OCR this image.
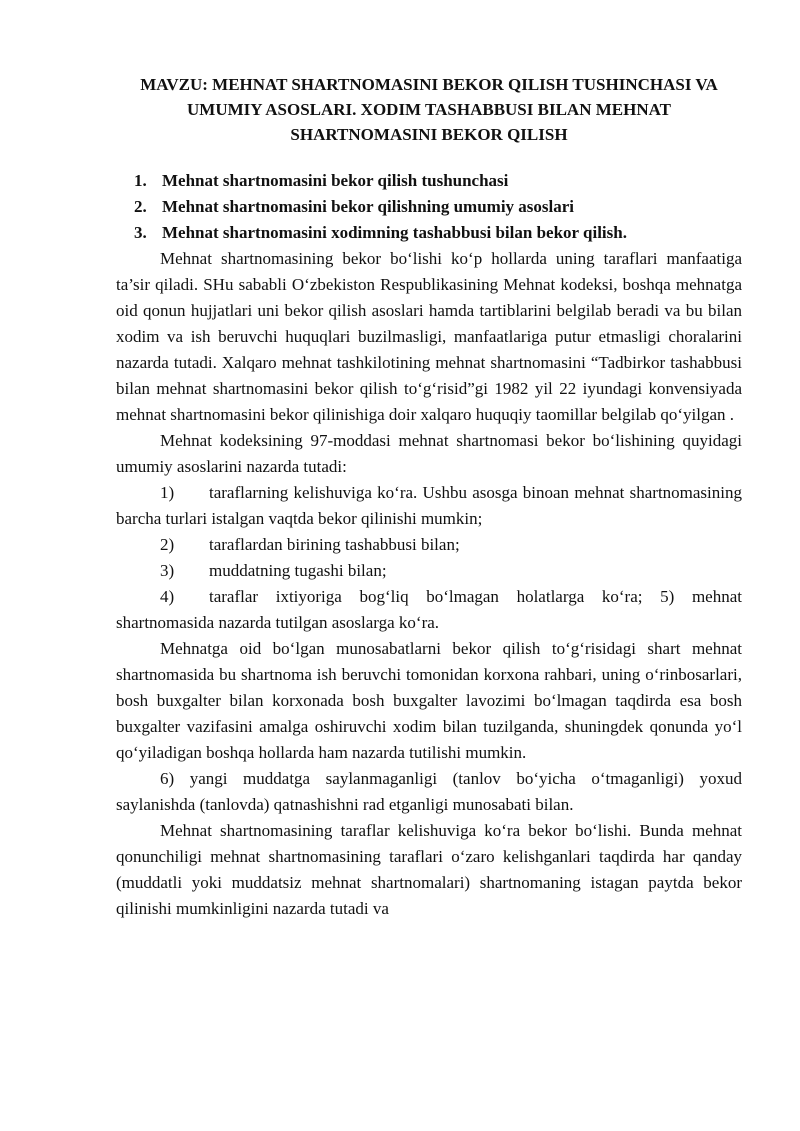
MAVZU: MEHNAT SHARTNOMASINI BEKOR QILISH TUSHINCHASI VA UMUMIY ASOSLARI. XODIM TASHABBUSI BILAN MEHNAT SHARTNOMASINI BEKOR QILISH
1. Mehnat shartnomasini bekor qilish tushunchasi
2. Mehnat shartnomasini bekor qilishning umumiy asoslari
3. Mehnat shartnomasini xodimning tashabbusi bilan bekor qilish.

Mehnat shartnomasining bekor bo‘lishi ko‘p hollarda uning taraflari manfaatiga ta’sir qiladi. SHu sababli O‘zbekiston Respublikasining Mehnat kodeksi, boshqa mehnatga oid qonun hujjatlari uni bekor qilish asoslari hamda tartiblarini belgilab beradi va bu bilan xodim va ish beruvchi huquqlari buzilmasligi, manfaatlariga putur etmasligi choralarini nazarda tutadi. Xalqaro mehnat tashkilotining mehnat shartnomasini “Tadbirkor tashabbusi bilan mehnat shartnomasini bekor qilish to‘g‘risid”gi 1982 yil 22 iyundagi konvensiyada mehnat shartnomasini bekor qilinishiga doir xalqaro huquqiy taomillar belgilab qo‘yilgan .

Mehnat kodeksining 97-moddasi mehnat shartnomasi bekor bo‘lishining quyidagi umumiy asoslarini nazarda tutadi:

1) taraflarning kelishuviga ko‘ra. Ushbu asosga binoan mehnat shartnomasining barcha turlari istalgan vaqtda bekor qilinishi mumkin;

2) taraflardan birining tashabbusi bilan;

3) muddatning tugashi bilan;

4) taraflar ixtiyoriga bog‘liq bo‘lmagan holatlarga ko‘ra; 5) mehnat shartnomasida nazarda tutilgan asoslarga ko‘ra.

Mehnatga oid bo‘lgan munosabatlarni bekor qilish to‘g‘risidagi shart mehnat shartnomasida bu shartnoma ish beruvchi tomonidan korxona rahbari, uning o‘rinbosarlari, bosh buxgalter bilan korxonada bosh buxgalter lavozimi bo‘lmagan taqdirda esa bosh buxgalter vazifasini amalga oshiruvchi xodim bilan tuzilganda, shuningdek qonunda yo‘l qo‘yiladigan boshqa hollarda ham nazarda tutilishi mumkin.

6) yangi muddatga saylanmaganligi (tanlov bo‘yicha o‘tmaganligi) yoxud saylanishda (tanlovda) qatnashishni rad etganligi munosabati bilan.

Mehnat shartnomasining taraflar kelishuviga ko‘ra bekor bo‘lishi. Bunda mehnat qonunchiligi mehnat shartnomasining taraflari o‘zaro kelishganlari taqdirda har qanday (muddatli yoki muddatsiz mehnat shartnomalari) shartnomaning istagan paytda bekor qilinishi mumkinligini nazarda tutadi va
